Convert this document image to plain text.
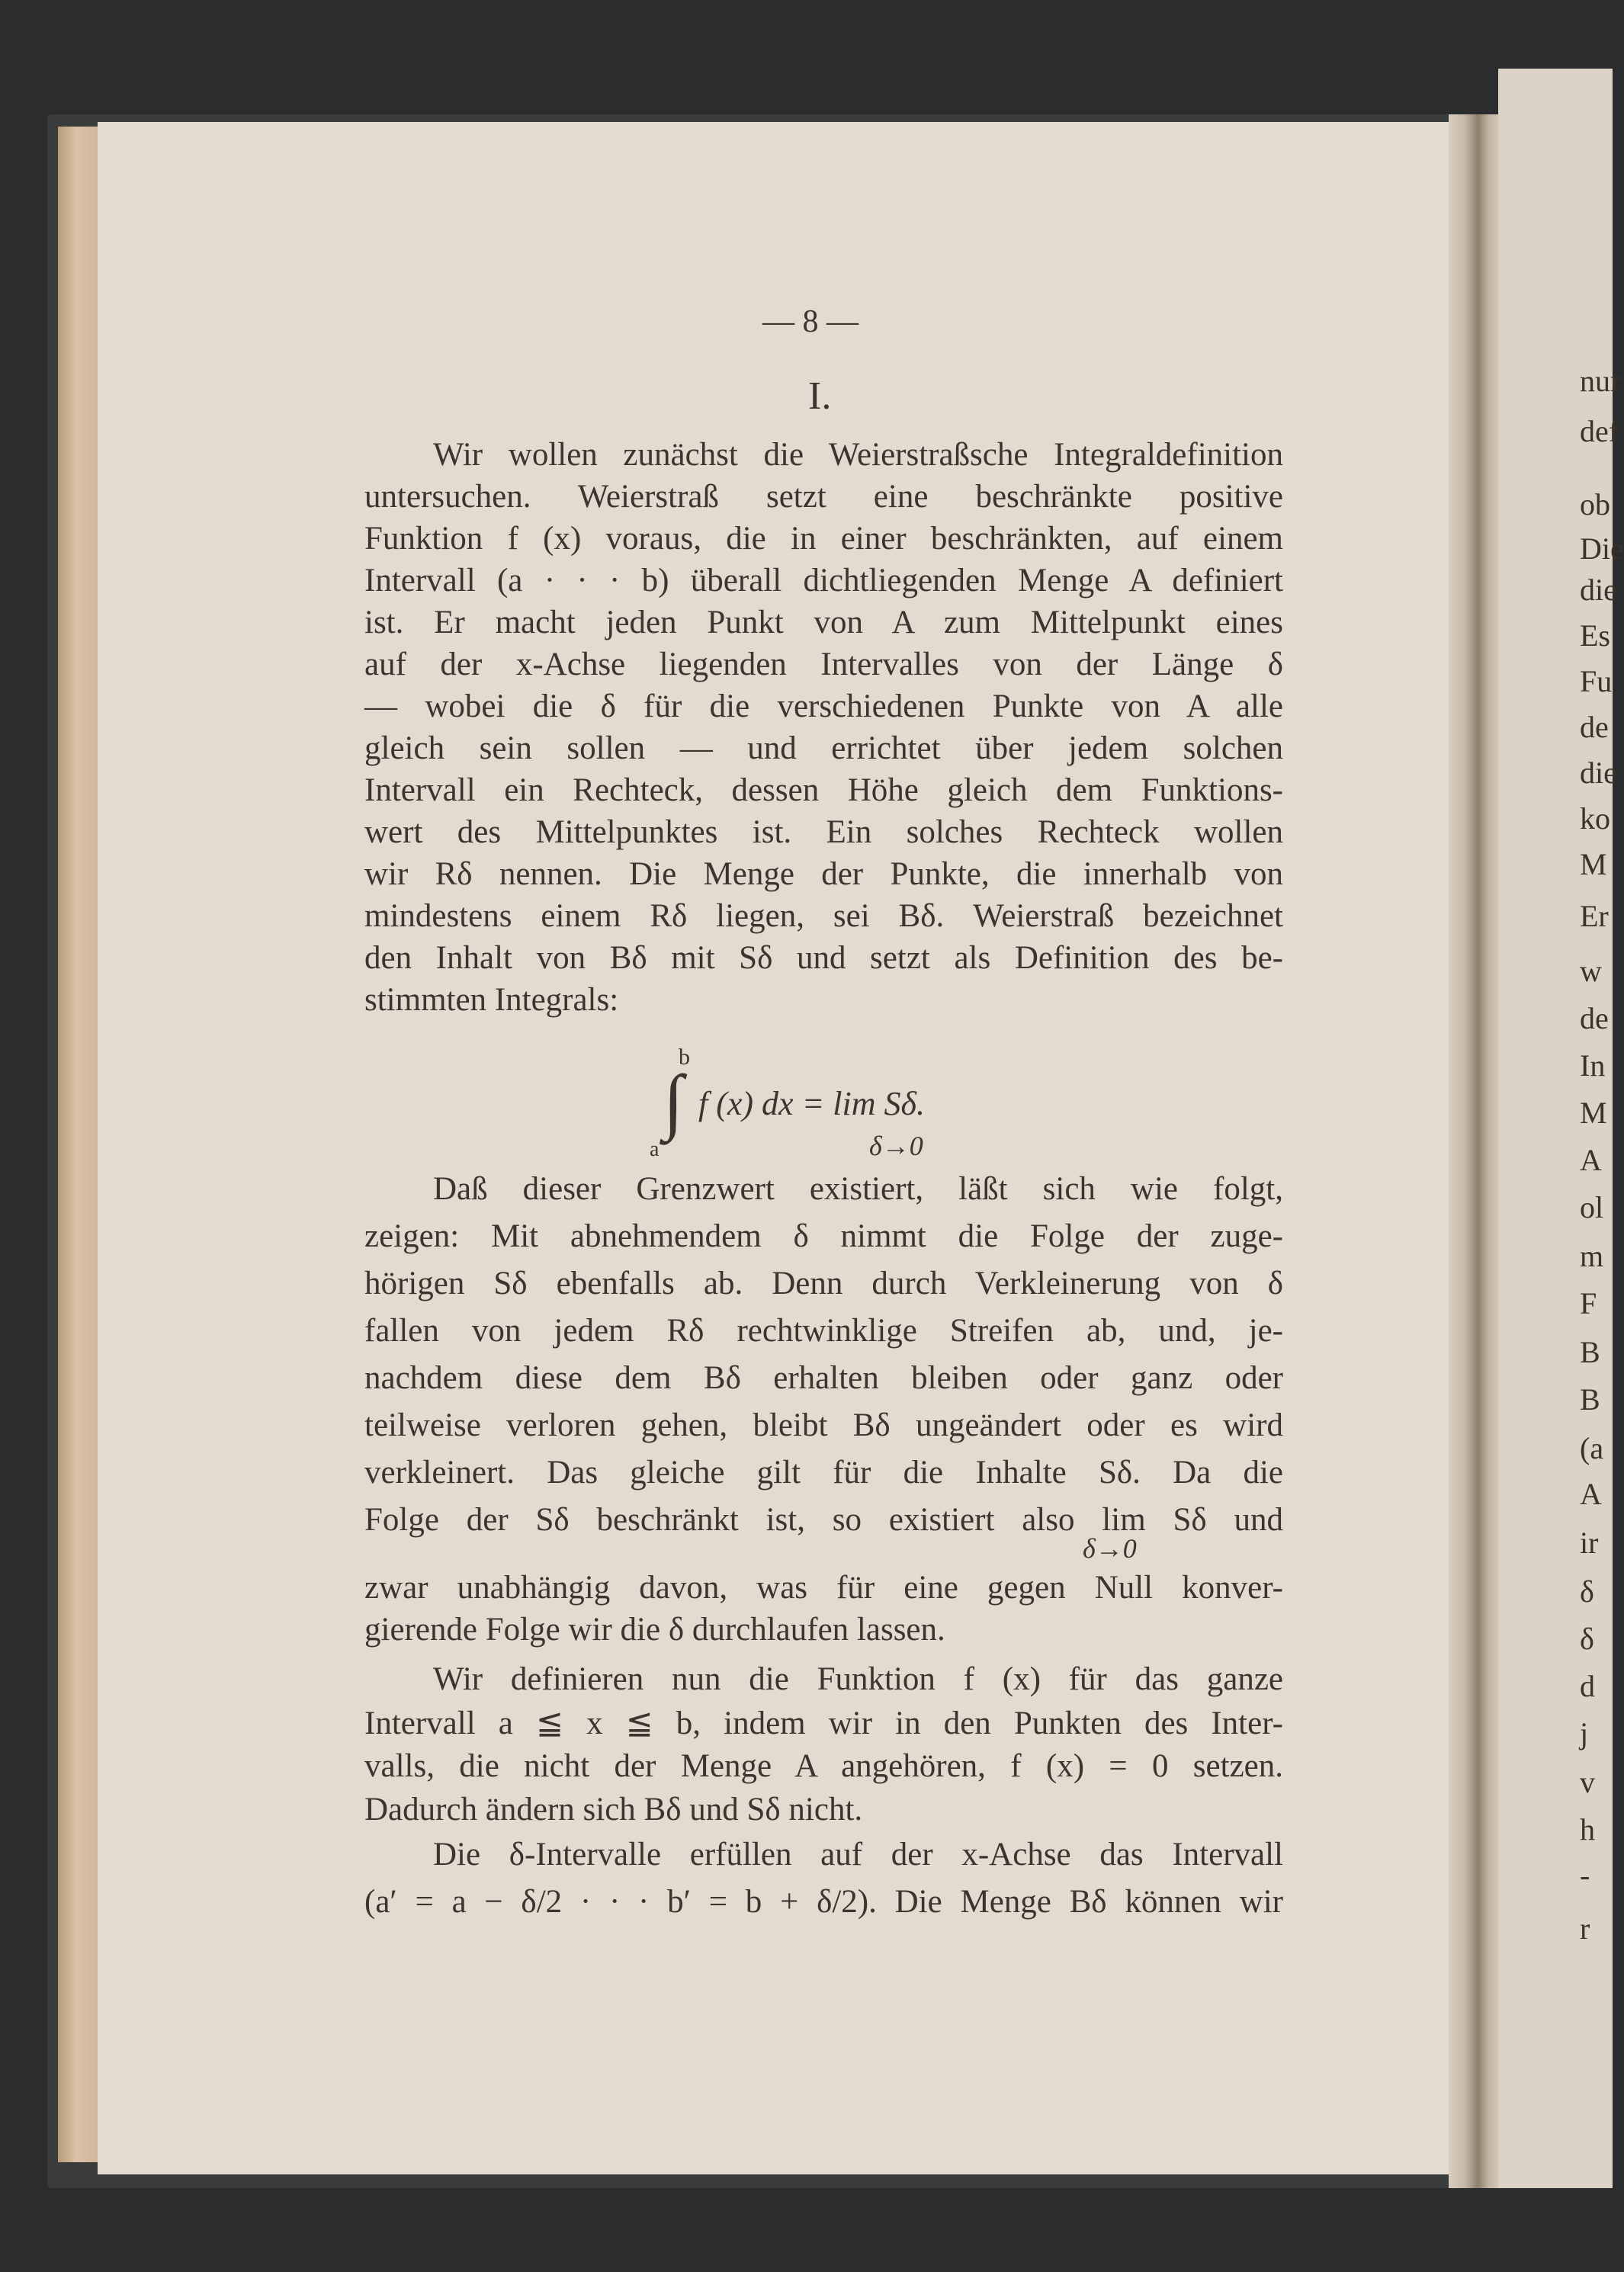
nur
def
ob
Die
die
Es
Fu
de
die
ko
M
Er
w
de
In
M
A
ol
m
F
B
B
(a
A
ir
δ
δ
d
j
v
h
-
r
— 8 —
I.
Wir wollen zunächst die Weierstraßsche Integraldefinition
untersuchen. Weierstraß setzt eine beschränkte positive
Funktion f (x) voraus, die in einer beschränkten, auf einem
Intervall (a · · · b) überall dichtliegenden Menge A definiert
ist. Er macht jeden Punkt von A zum Mittelpunkt eines
auf der x-Achse liegenden Intervalles von der Länge δ
— wobei die δ für die verschiedenen Punkte von A alle
gleich sein sollen — und errichtet über jedem solchen
Intervall ein Rechteck, dessen Höhe gleich dem Funktions-
wert des Mittelpunktes ist. Ein solches Rechteck wollen
wir Rδ nennen. Die Menge der Punkte, die innerhalb von
mindestens einem Rδ liegen, sei Bδ. Weierstraß bezeichnet
den Inhalt von Bδ mit Sδ und setzt als Definition des be-
stimmten Integrals:
Daß dieser Grenzwert existiert, läßt sich wie folgt,
zeigen: Mit abnehmendem δ nimmt die Folge der zuge-
hörigen Sδ ebenfalls ab. Denn durch Verkleinerung von δ
fallen von jedem Rδ rechtwinklige Streifen ab, und, je-
nachdem diese dem Bδ erhalten bleiben oder ganz oder
teilweise verloren gehen, bleibt Bδ ungeändert oder es wird
verkleinert. Das gleiche gilt für die Inhalte Sδ. Da die
Folge der Sδ beschränkt ist, so existiert also lim Sδ und
zwar unabhängig davon, was für eine gegen Null konver-
gierende Folge wir die δ durchlaufen lassen.
Wir definieren nun die Funktion f (x) für das ganze
Intervall a ≦ x ≦ b, indem wir in den Punkten des Inter-
valls, die nicht der Menge A angehören, f (x) = 0 setzen.
Dadurch ändern sich Bδ und Sδ nicht.
Die δ-Intervalle erfüllen auf der x-Achse das Intervall
(a′ = a − δ/2 · · · b′ = b + δ/2). Die Menge Bδ können wir
b
∫
a
f (x) dx = lim Sδ.
δ→0
δ→0
